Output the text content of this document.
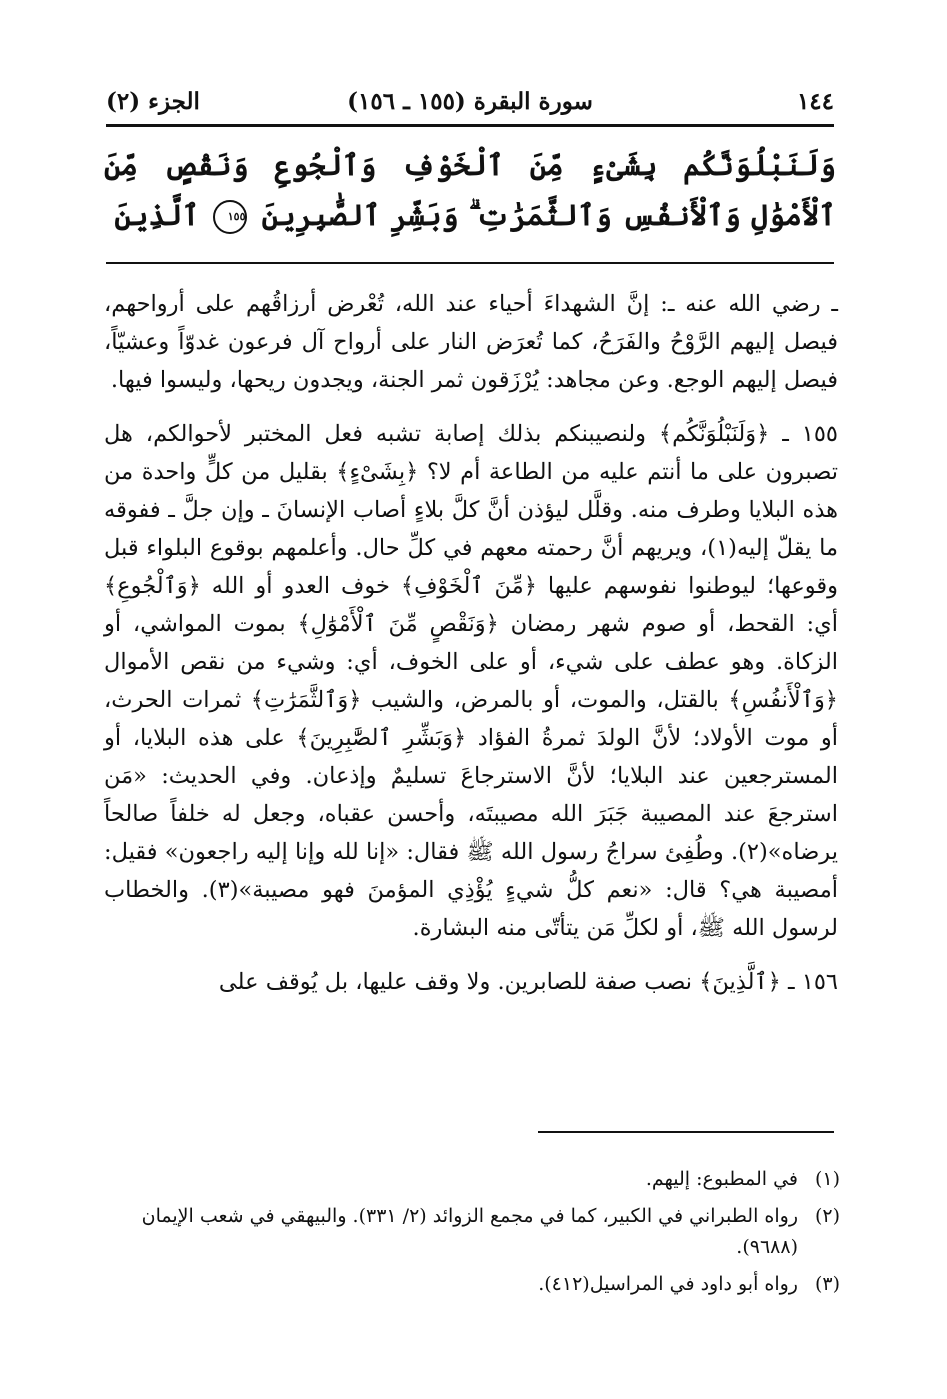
١٤٤
سورة البقرة (١٥٥ ـ ١٥٦)
الجزء (٢)
وَلَنَبْلُوَنَّكُم بِشَىْءٍ مِّنَ ٱلْخَوْفِ وَٱلْجُوعِ وَنَقْصٍ مِّنَ ٱلْأَمْوَٰلِ وَٱلْأَنفُسِ وَٱلثَّمَرَٰتِ ۗ وَبَشِّرِ ٱلصَّٰبِرِينَ ١٥٥ ٱلَّذِينَ

ـ رضي الله عنه ـ: إنَّ الشهداءَ أحياء عند الله، تُعْرض أرزاقُهم على أرواحهم، فيصل إليهم الرَّوْحُ والفَرَحُ، كما تُعرَض النار على أرواح آل فرعون غدوّاً وعشيّاً، فيصل إليهم الوجع. وعن مجاهد: يُرْزَقون ثمر الجنة، ويجدون ريحها، وليسوا فيها.

١٥٥ ـ ﴿وَلَنَبْلُوَنَّكُم﴾ ولنصيبنكم بذلك إصابة تشبه فعل المختبر لأحوالكم، هل تصبرون على ما أنتم عليه من الطاعة أم لا؟ ﴿بِشَىْءٍ﴾ بقليل من كلٍّ واحدة من هذه البلايا وطرف منه. وقلَّل ليؤذن أنَّ كلَّ بلاءٍ أصاب الإنسانَ ـ وإن جلَّ ـ ففوقه ما يقلّ إليه(١)، ويريهم أنَّ رحمته معهم في كلِّ حال. وأعلمهم بوقوع البلواء قبل وقوعها؛ ليوطنوا نفوسهم عليها ﴿مِّنَ ٱلْخَوْفِ﴾ خوف العدو أو الله ﴿وَٱلْجُوعِ﴾ أي: القحط، أو صوم شهر رمضان ﴿وَنَقْصٍ مِّنَ ٱلْأَمْوَٰلِ﴾ بموت المواشي، أو الزكاة. وهو عطف على شيء، أو على الخوف، أي: وشيء من نقص الأموال ﴿وَٱلْأَنفُسِ﴾ بالقتل، والموت، أو بالمرض، والشيب ﴿وَٱلثَّمَرَٰتِ﴾ ثمرات الحرث، أو موت الأولاد؛ لأنَّ الولدَ ثمرةُ الفؤاد ﴿وَبَشِّرِ ٱلصَّٰبِرِينَ﴾ على هذه البلايا، أو المسترجعين عند البلايا؛ لأنَّ الاسترجاعَ تسليمٌ وإذعان. وفي الحديث: «مَن استرجعَ عند المصيبة جَبَرَ الله مصيبتَه، وأحسن عقباه، وجعل له خلفاً صالحاً يرضاه»(٢). وطُفِئ سراجُ رسول الله ﷺ فقال: «إنا لله وإنا إليه راجعون» فقيل: أمصيبة هي؟ قال: «نعم كلُّ شيءٍ يُؤْذِي المؤمنَ فهو مصيبة»(٣). والخطاب لرسول الله ﷺ، أو لكلِّ مَن يتأتّى منه البشارة.

١٥٦ ـ ﴿ٱلَّذِينَ﴾ نصب صفة للصابرين. ولا وقف عليها، بل يُوقف على

(١)
في المطبوع: إليهم.
(٢)
رواه الطبراني في الكبير، كما في مجمع الزوائد (٢/ ٣٣١). والبيهقي في شعب الإيمان (٩٦٨٨).
(٣)
رواه أبو داود في المراسيل(٤١٢).
